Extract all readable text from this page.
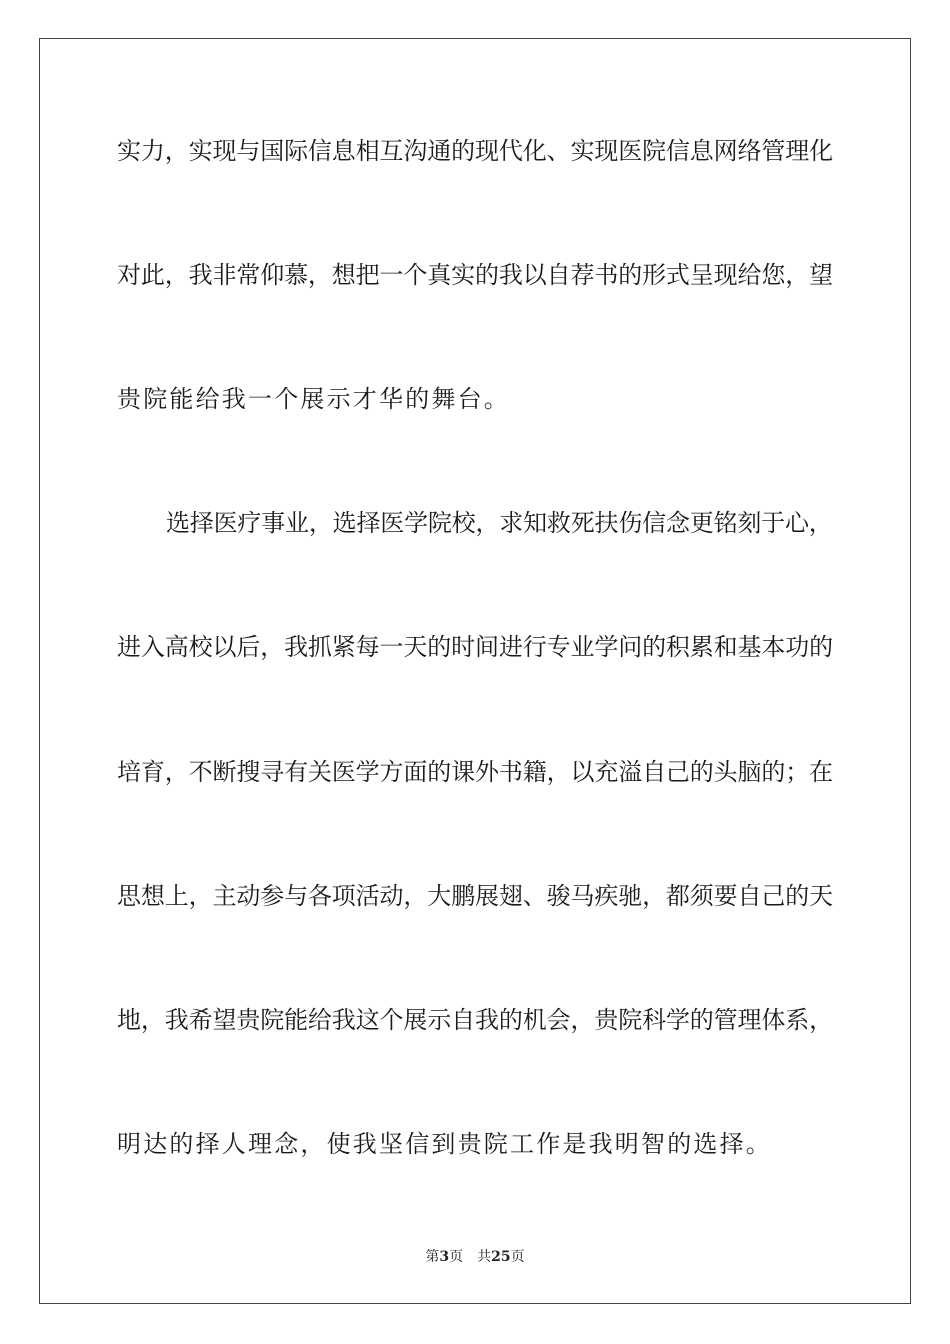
实力，实现与国际信息相互沟通的现代化、实现医院信息网络管理化
对此，我非常仰慕，想把一个真实的我以自荐书的形式呈现给您，望
贵院能给我一个展示才华的舞台。
选择医疗事业，选择医学院校，求知救死扶伤信念更铭刻于心，
进入高校以后，我抓紧每一天的时间进行专业学问的积累和基本功的
培育，不断搜寻有关医学方面的课外书籍，以充溢自己的头脑的；在
思想上，主动参与各项活动，大鹏展翅、骏马疾驰，都须要自己的天
地，我希望贵院能给我这个展示自我的机会，贵院科学的管理体系，
明达的择人理念，使我坚信到贵院工作是我明智的选择。
第3页 共25页
